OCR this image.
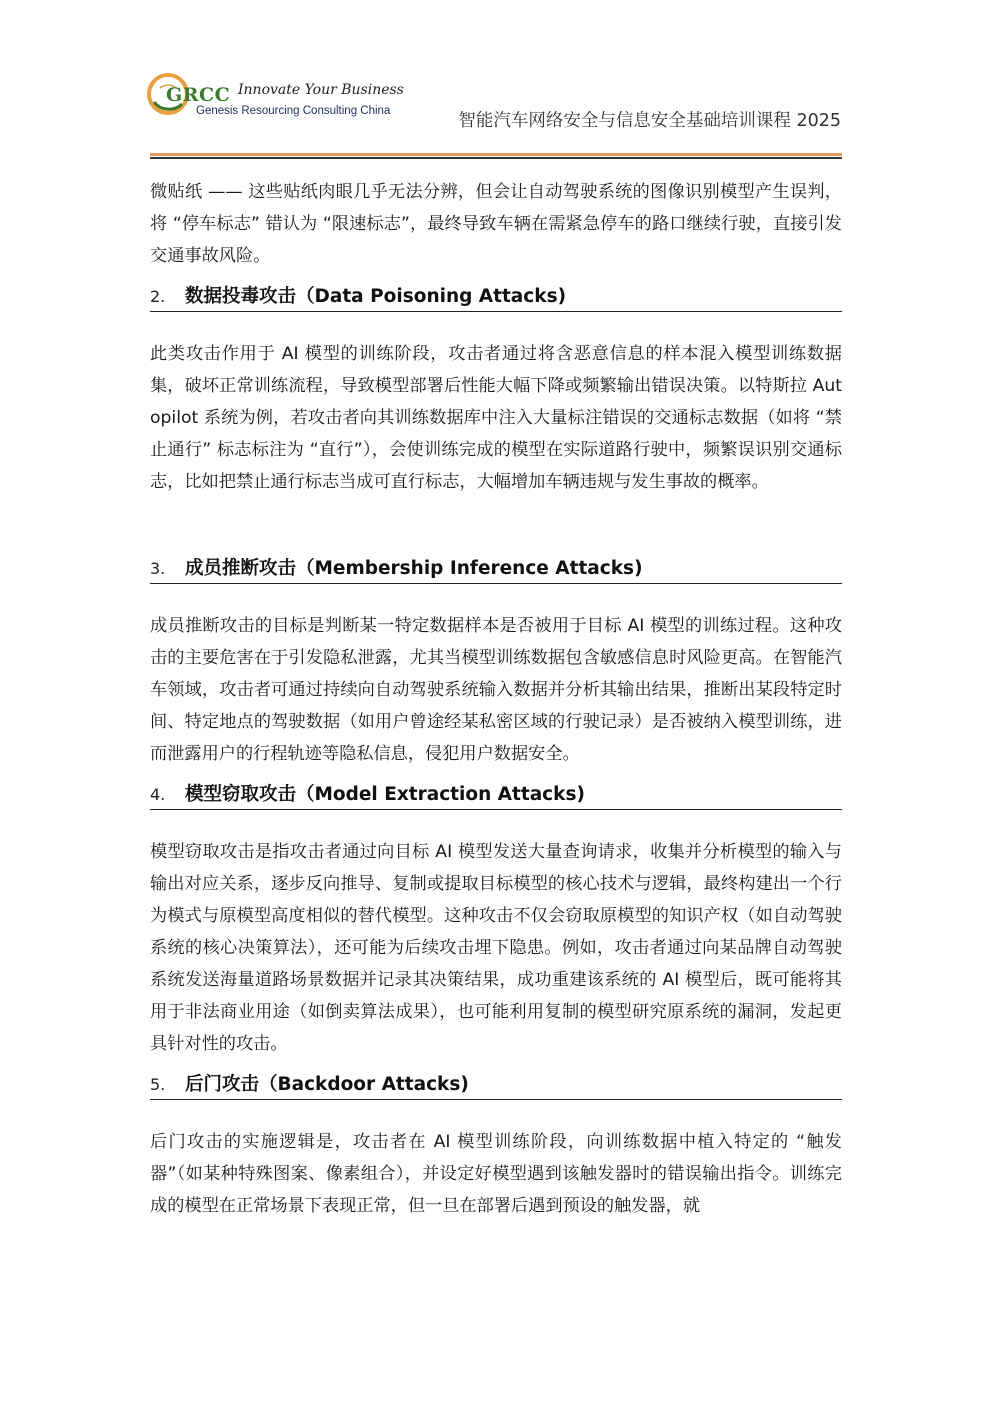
GRCC Innovate Your Business
Genesis Resourcing Consulting China	智能汽车网络安全与信息安全基础培训课程 2025

微贴纸 —— 这些贴纸肉眼几乎无法分辨，但会让自动驾驶系统的图像识别模型产生误判，将 “停车标志” 错认为 “限速标志”，最终导致车辆在需紧急停车的路口继续行驶，直接引发交通事故风险。

2. 数据投毒攻击（Data Poisoning Attacks)

此类攻击作用于 AI 模型的训练阶段，攻击者通过将含恶意信息的样本混入模型训练数据集，破坏正常训练流程，导致模型部署后性能大幅下降或频繁输出错误决策。以特斯拉 Autopilot 系统为例，若攻击者向其训练数据库中注入大量标注错误的交通标志数据（如将 “禁止通行” 标志标注为 “直行”），会使训练完成的模型在实际道路行驶中，频繁误识别交通标志，比如把禁止通行标志当成可直行标志，大幅增加车辆违规与发生事故的概率。

3. 成员推断攻击（Membership Inference Attacks)

成员推断攻击的目标是判断某一特定数据样本是否被用于目标 AI 模型的训练过程。这种攻击的主要危害在于引发隐私泄露，尤其当模型训练数据包含敏感信息时风险更高。在智能汽车领域，攻击者可通过持续向自动驾驶系统输入数据并分析其输出结果，推断出某段特定时间、特定地点的驾驶数据（如用户曾途经某私密区域的行驶记录）是否被纳入模型训练，进而泄露用户的行程轨迹等隐私信息，侵犯用户数据安全。

4. 模型窃取攻击（Model Extraction Attacks)

模型窃取攻击是指攻击者通过向目标 AI 模型发送大量查询请求，收集并分析模型的输入与输出对应关系，逐步反向推导、复制或提取目标模型的核心技术与逻辑，最终构建出一个行为模式与原模型高度相似的替代模型。这种攻击不仅会窃取原模型的知识产权（如自动驾驶系统的核心决策算法），还可能为后续攻击埋下隐患。例如，攻击者通过向某品牌自动驾驶系统发送海量道路场景数据并记录其决策结果，成功重建该系统的 AI 模型后，既可能将其用于非法商业用途（如倒卖算法成果），也可能利用复制的模型研究原系统的漏洞，发起更具针对性的攻击。

5. 后门攻击（Backdoor Attacks)

后门攻击的实施逻辑是，攻击者在 AI 模型训练阶段，向训练数据中植入特定的 “触发器”（如某种特殊图案、像素组合），并设定好模型遇到该触发器时的错误输出指令。训练完成的模型在正常场景下表现正常，但一旦在部署后遇到预设的触发器，就
